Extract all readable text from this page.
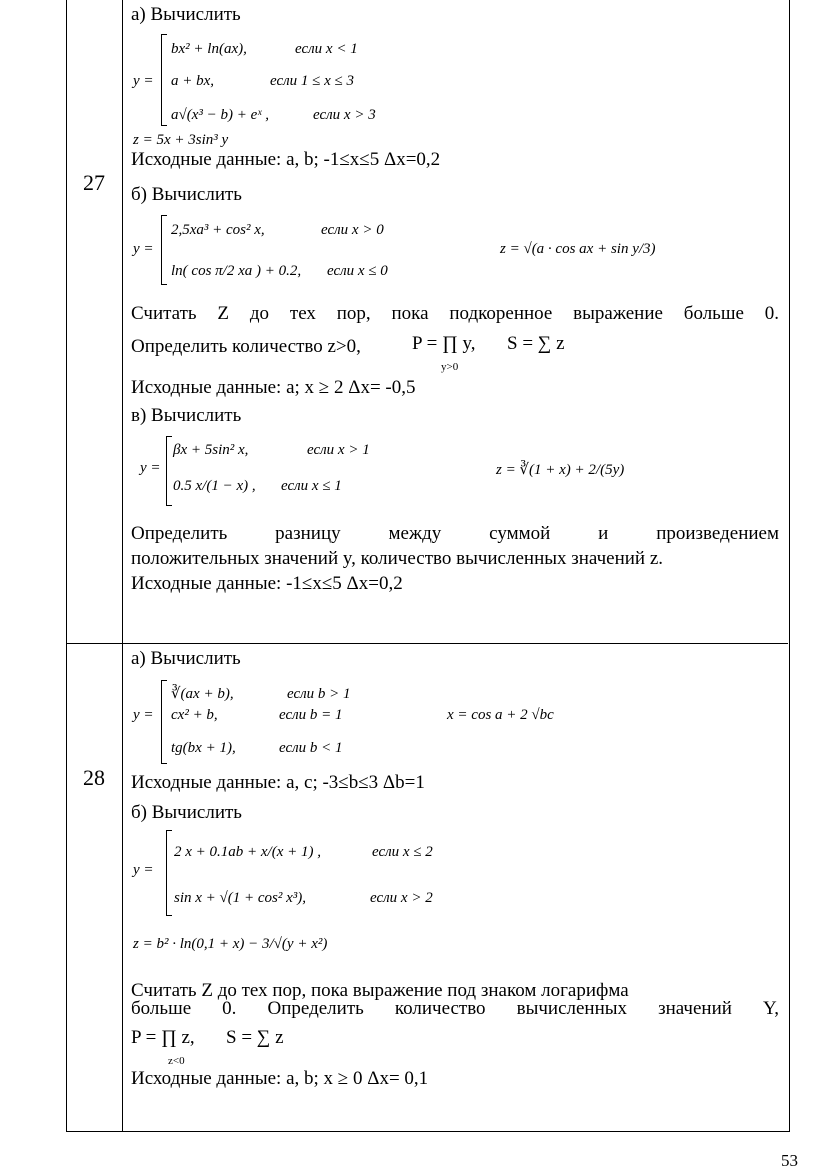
27
а) Вычислить
y =
bx² + ln(ax),
a + bx,
a√(x³ − b) + eˣ ,
если x < 1
если 1 ≤ x ≤ 3
если x > 3
z = 5x + 3sin³ y
Исходные данные: a, b; -1≤x≤5 Δx=0,2
б) Вычислить
y =
2,5xa³ + cos² x,
ln( cos π/2 xa ) + 0.2,
если x > 0
если x ≤ 0
z = √(a · cos ax + sin y/3)
Считать Z до тех пор, пока подкоренное выражение больше 0.
Определить количество z>0,	P = ∏ y,
y>0
S = ∑ z
Исходные данные: a; x ≥ 2 Δx= -0,5
в) Вычислить
y =
βx + 5sin² x,
0.5 x/(1 − x) ,
если x > 1
если x ≤ 1
z = ∛(1 + x) + 2/(5y)
Определить разницу между суммой и произведением
положительных значений y, количество вычисленных значений z.
Исходные данные: -1≤x≤5 Δx=0,2
28
а) Вычислить
y =
∛(ax + b),
cx² + b,
tg(bx + 1),
если b > 1
если b = 1
если b < 1
x = cos a + 2 √bc
Исходные данные: a, c; -3≤b≤3 Δb=1
б) Вычислить
y =
2 x + 0.1ab + x/(x + 1) ,
sin x + √(1 + cos² x³),
если x ≤ 2
если x > 2
z = b² · ln(0,1 + x) − 3/√(y + x²)
Считать Z до тех пор, пока выражение под знаком логарифма
больше 0. Определить количество вычисленных значений Y,
P = ∏ z,
z<0
S = ∑ z
Исходные данные: a, b; x ≥ 0 Δx= 0,1
53
